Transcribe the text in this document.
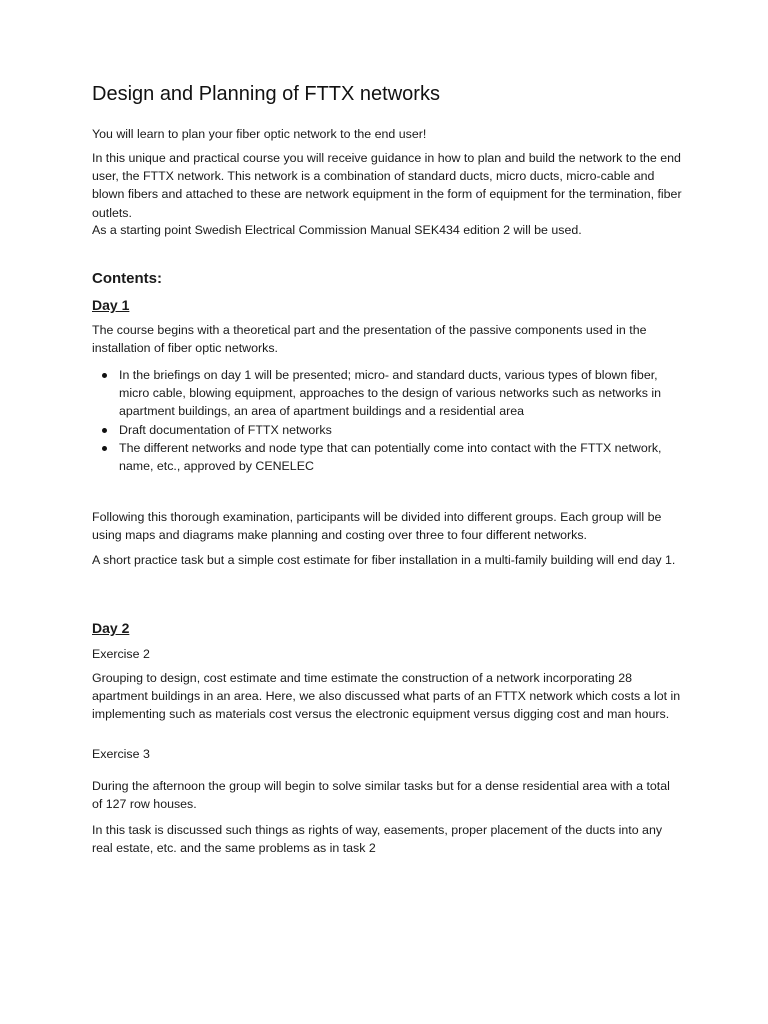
Design and Planning of FTTX networks

You will learn to plan your fiber optic network to the end user!

In this unique and practical course you will receive guidance in how to plan and build the network to the end user, the FTTX network. This network is a combination of standard ducts, micro ducts, micro-cable and blown fibers and attached to these are network equipment in the form of equipment for the termination, fiber outlets.

As a starting point Swedish Electrical Commission Manual SEK434 edition 2 will be used.

Contents:
Day 1

The course begins with a theoretical part and the presentation of the passive components used in the installation of fiber optic networks.

In the briefings on day 1 will be presented; micro- and standard ducts, various types of blown fiber, micro cable, blowing equipment, approaches to the design of various networks such as networks in apartment buildings, an area of apartment buildings and a residential area
Draft documentation of FTTX networks
The different networks and node type that can potentially come into contact with the FTTX network, name, etc., approved by CENELEC

Following this thorough examination, participants will be divided into different groups. Each group will be using maps and diagrams make planning and costing over three to four different networks.

A short practice task but a simple cost estimate for fiber installation in a multi-family building will end day 1.

Day 2

Exercise 2

Grouping to design, cost estimate and time estimate the construction of a network incorporating 28 apartment buildings in an area. Here, we also discussed what parts of an FTTX network which costs a lot in implementing such as materials cost versus the electronic equipment versus digging cost and man hours.

Exercise 3

During the afternoon the group will begin to solve similar tasks but for a dense residential area with a total of 127 row houses.

In this task is discussed such things as rights of way, easements, proper placement of the ducts into any real estate, etc. and the same problems as in task 2
